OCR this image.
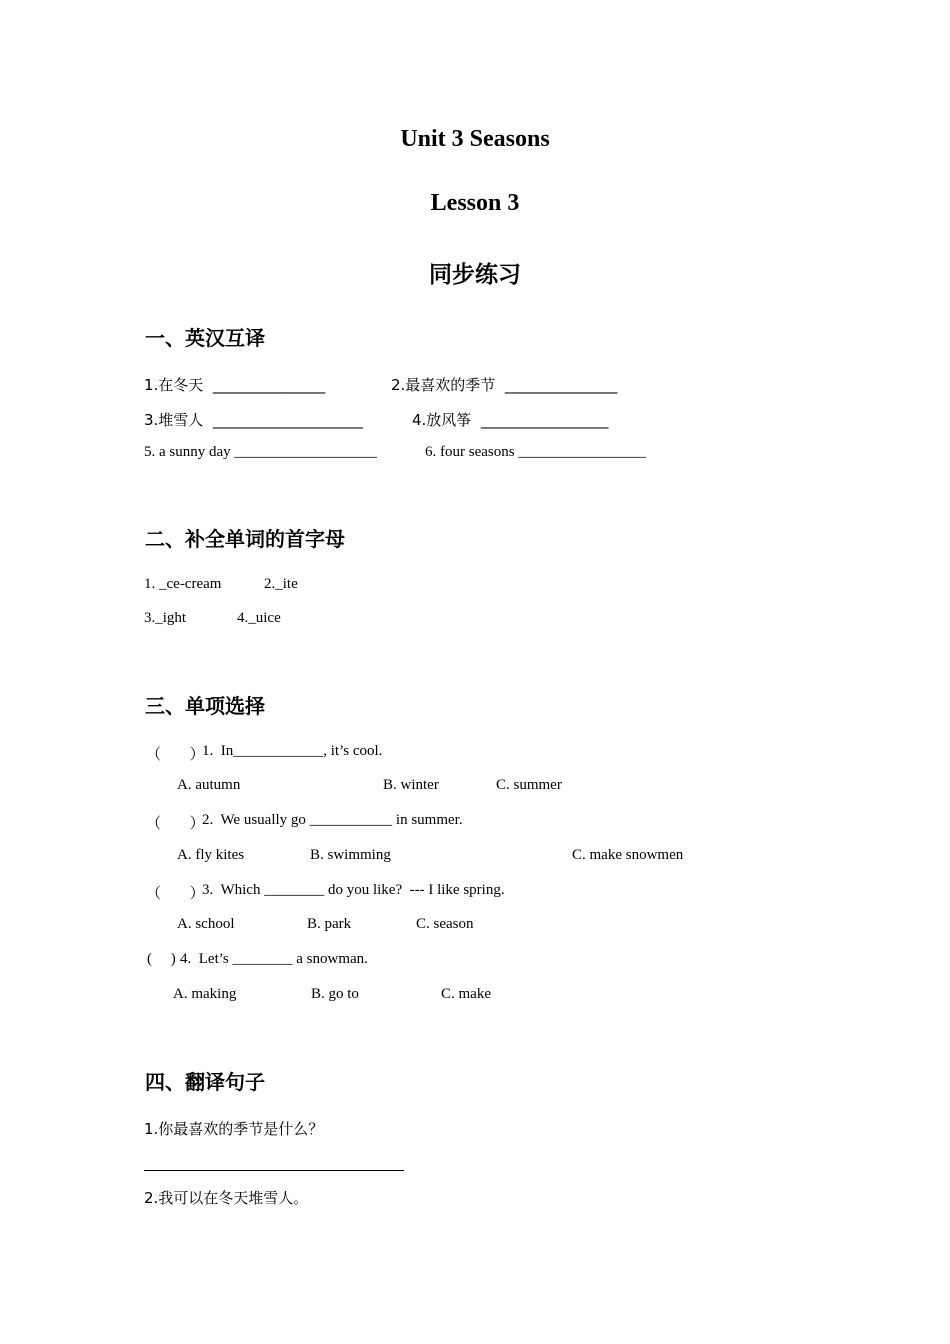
Unit 3 Seasons
Lesson 3
同步练习
一、英汉互译
1.在冬天  _______________	2.最喜欢的季节  _______________
3.堆雪人  ____________________	4.放风筝  _________________
5. a sunny day ___________________	6. four seasons _________________
二、补全单词的首字母
1. _ce-cream	2._ite
3._ight	4._uice
三、单项选择
（      ）
1.  In____________, it’s cool.
A. autumn	B. winter	C. summer
（      ）
2.  We usually go ___________ in summer.
A. fly kites	B. swimming	C. make snowmen
（      ）
3.  Which ________ do you like?  --- I like spring.
A. school	B. park	C. season
(     ) 4.  Let’s ________ a snowman.
A. making	B. go to	C. make
四、翻译句子
1.你最喜欢的季节是什么？
2.我可以在冬天堆雪人。
